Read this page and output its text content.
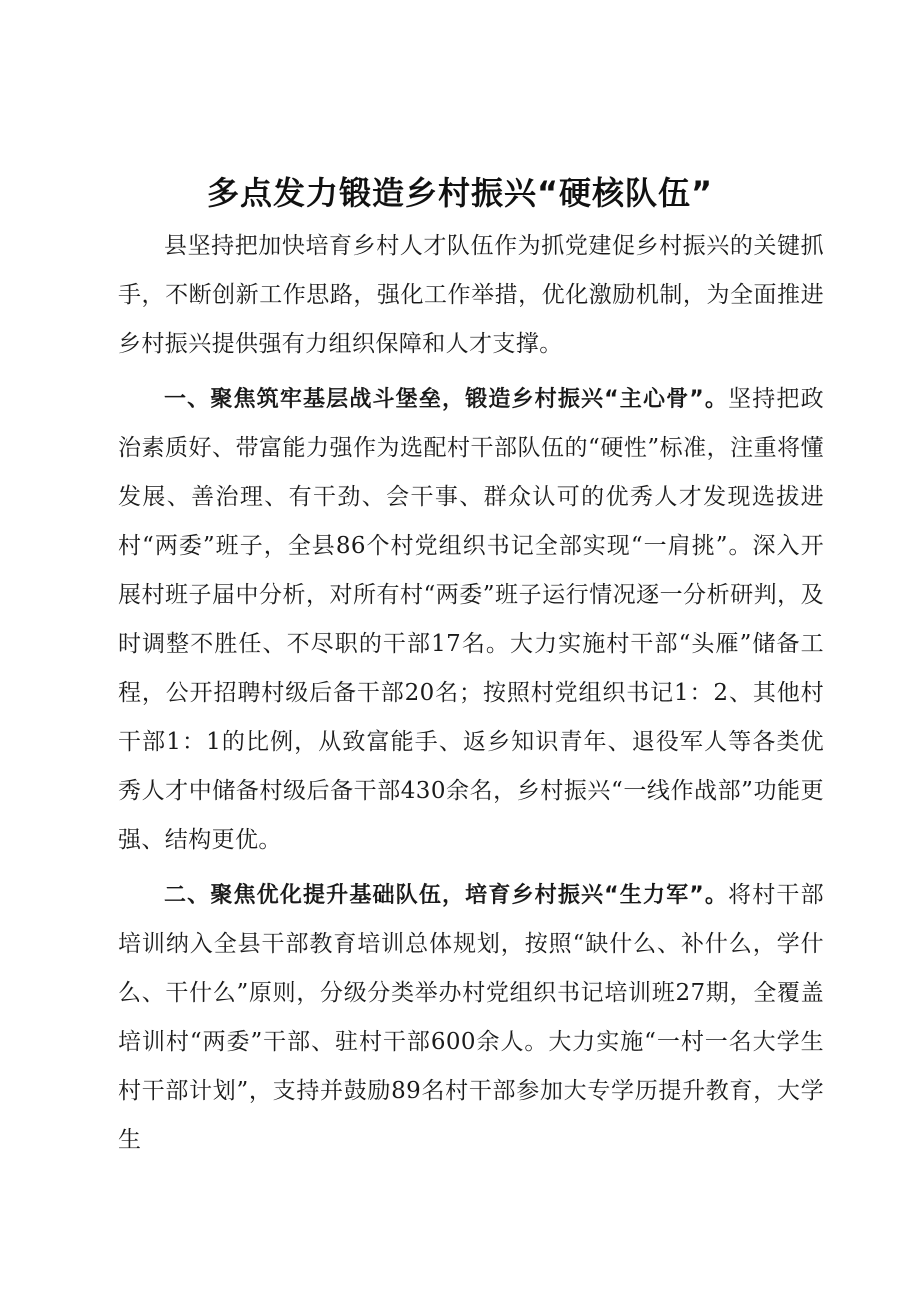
多点发力锻造乡村振兴“硬核队伍”

县坚持把加快培育乡村人才队伍作为抓党建促乡村振兴的关键抓手，不断创新工作思路，强化工作举措，优化激励机制，为全面推进乡村振兴提供强有力组织保障和人才支撑。

一、聚焦筑牢基层战斗堡垒，锻造乡村振兴“主心骨”。坚持把政治素质好、带富能力强作为选配村干部队伍的“硬性”标准，注重将懂发展、善治理、有干劲、会干事、群众认可的优秀人才发现选拔进村“两委”班子，全县86个村党组织书记全部实现“一肩挑”。深入开展村班子届中分析，对所有村“两委”班子运行情况逐一分析研判，及时调整不胜任、不尽职的干部17名。大力实施村干部“头雁”储备工程，公开招聘村级后备干部20名；按照村党组织书记1：2、其他村干部1：1的比例，从致富能手、返乡知识青年、退役军人等各类优秀人才中储备村级后备干部430余名，乡村振兴“一线作战部”功能更强、结构更优。

二、聚焦优化提升基础队伍，培育乡村振兴“生力军”。将村干部培训纳入全县干部教育培训总体规划，按照“缺什么、补什么，学什么、干什么”原则，分级分类举办村党组织书记培训班27期，全覆盖培训村“两委”干部、驻村干部600余人。大力实施“一村一名大学生村干部计划”，支持并鼓励89名村干部参加大专学历提升教育，大学生
